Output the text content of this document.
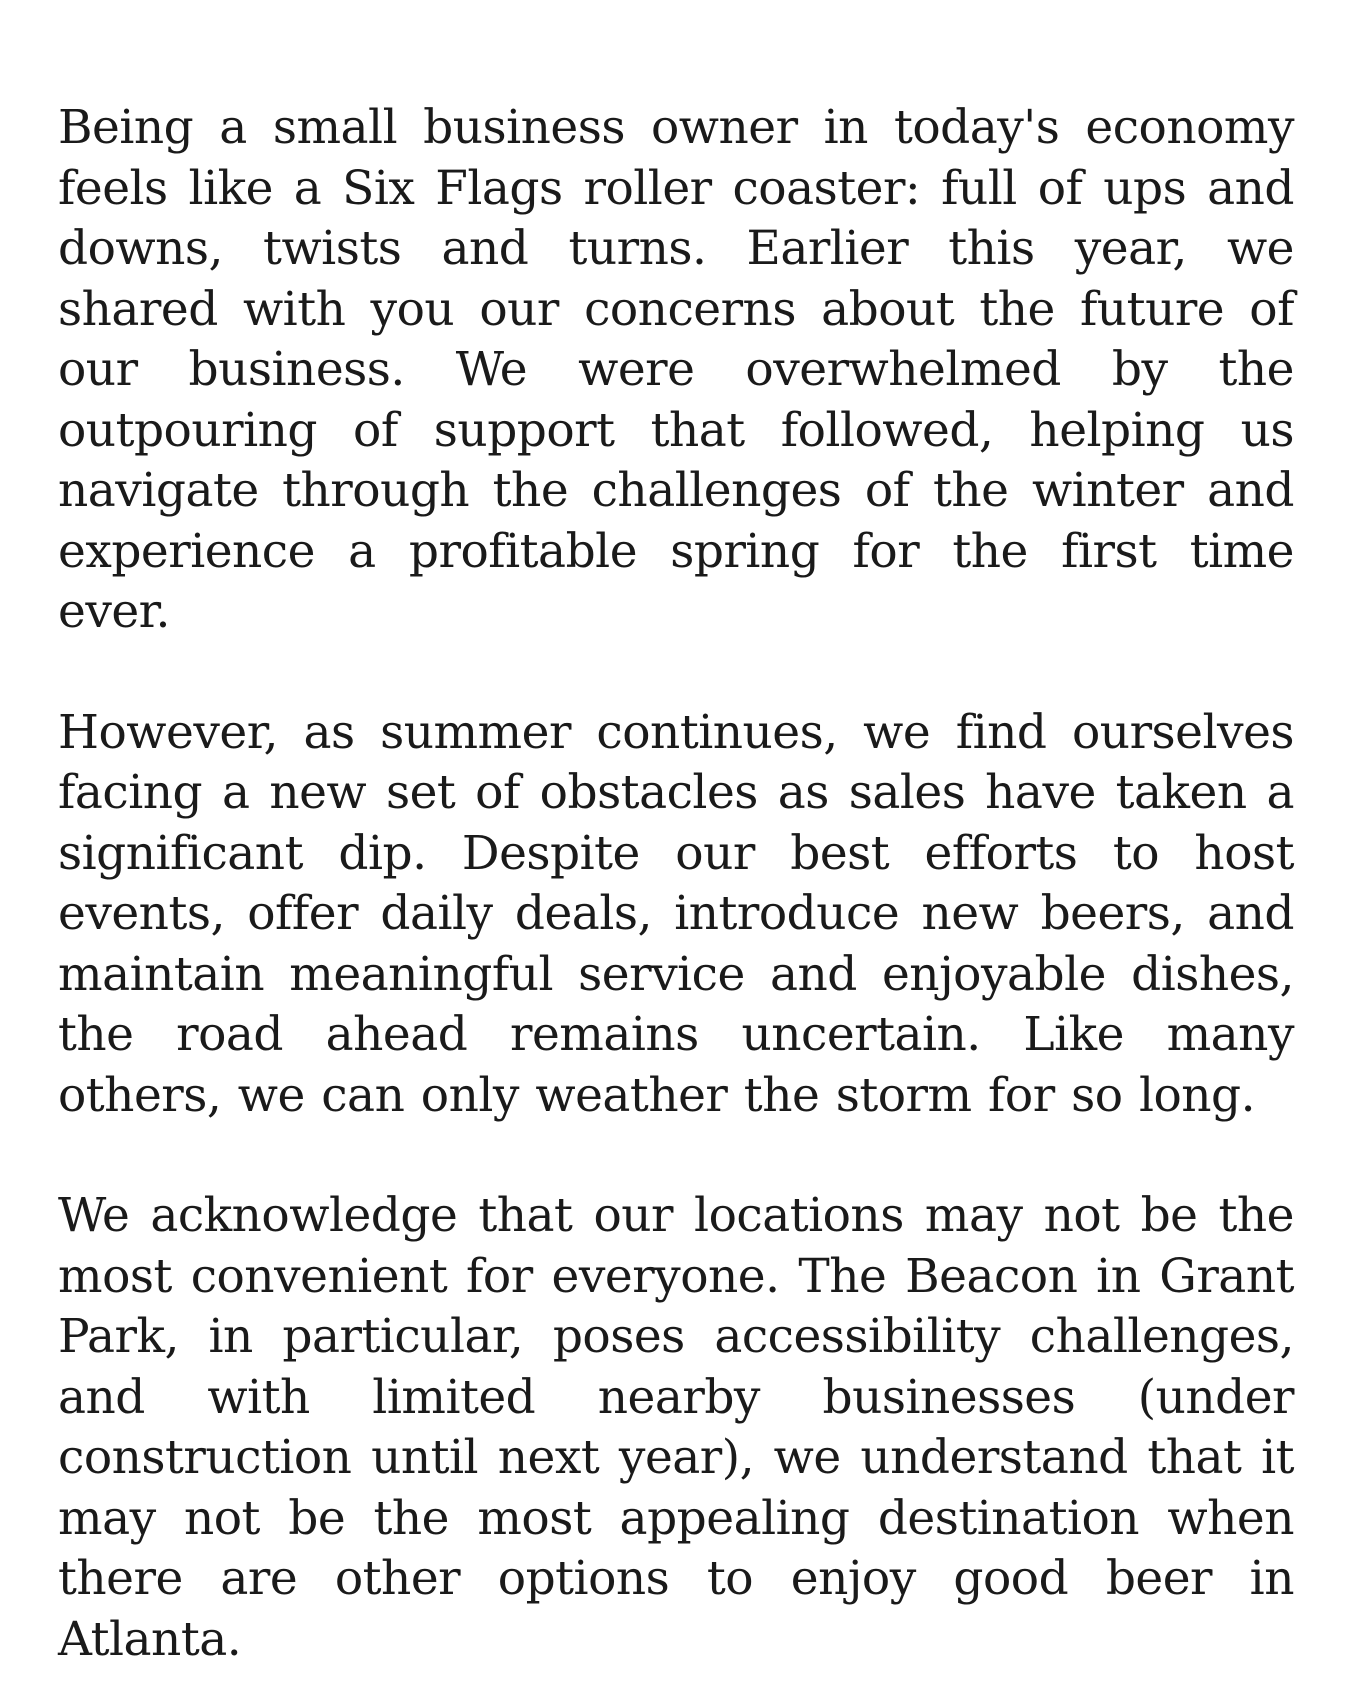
Being a small business owner in today's economy feels like a Six Flags roller coaster: full of ups and downs, twists and turns. Earlier this year, we shared with you our concerns about the future of our business. We were overwhelmed by the outpouring of support that followed, helping us navigate through the challenges of the winter and experience a profitable spring for the first time ever.

However, as summer continues, we find ourselves facing a new set of obstacles as sales have taken a significant dip. Despite our best efforts to host events, offer daily deals, introduce new beers, and maintain meaningful service and enjoyable dishes, the road ahead remains uncertain. Like many others, we can only weather the storm for so long.

We acknowledge that our locations may not be the most convenient for everyone. The Beacon in Grant Park, in particular, poses accessibility challenges, and with limited nearby businesses (under construction until next year), we understand that it may not be the most appealing destination when there are other options to enjoy good beer in Atlanta.
